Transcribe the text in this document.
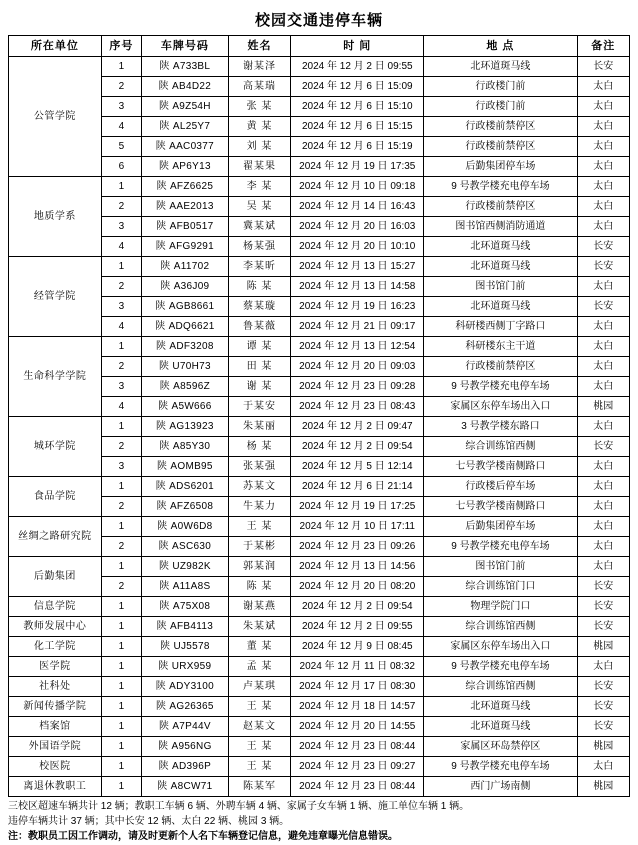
校园交通违停车辆
所在单位	序号	车牌号码	姓名	时 间	地 点	备注
公管学院	1	陕 A733BL	谢某泽	2024 年 12 月 2 日 09:55	北环道斑马线	长安
	2	陕 AB4D22	高某瑞	2024 年 12 月 6 日 15:09	行政楼门前	太白
	3	陕 A9Z54H	张 某	2024 年 12 月 6 日 15:10	行政楼门前	太白
	4	陕 AL25Y7	黄 某	2024 年 12 月 6 日 15:15	行政楼前禁停区	太白
	5	陕 AAC0377	刘 某	2024 年 12 月 6 日 15:19	行政楼前禁停区	太白
	6	陕 AP6Y13	翟某果	2024 年 12 月 19 日 17:35	后勤集团停车场	太白
地质学系	1	陕 AFZ6625	李 某	2024 年 12 月 10 日 09:18	9 号教学楼充电停车场	太白
	2	陕 AAE2013	吴 某	2024 年 12 月 14 日 16:43	行政楼前禁停区	太白
	3	陕 AFB0517	冀某斌	2024 年 12 月 20 日 16:03	图书馆西侧消防通道	太白
	4	陕 AFG9291	杨某强	2024 年 12 月 20 日 10:10	北环道斑马线	长安
经管学院	1	陕 A11702	李某昕	2024 年 12 月 13 日 15:27	北环道斑马线	长安
	2	陕 A36J09	陈 某	2024 年 12 月 13 日 14:58	图书馆门前	太白
	3	陕 AGB8661	蔡某璇	2024 年 12 月 19 日 16:23	北环道斑马线	长安
	4	陕 ADQ6621	鲁某薇	2024 年 12 月 21 日 09:17	科研楼西侧丁字路口	太白
生命科学学院	1	陕 ADF3208	谭 某	2024 年 12 月 13 日 12:54	科研楼东主干道	太白
	2	陕 U70H73	田 某	2024 年 12 月 20 日 09:03	行政楼前禁停区	太白
	3	陕 A8596Z	谢 某	2024 年 12 月 23 日 09:28	9 号教学楼充电停车场	太白
	4	陕 A5W666	于某安	2024 年 12 月 23 日 08:43	家属区东停车场出入口	桃园
城环学院	1	陕 AG13923	朱某丽	2024 年 12 月 2 日 09:47	3 号教学楼东路口	太白
	2	陕 A85Y30	杨 某	2024 年 12 月 2 日 09:54	综合训练馆西侧	长安
	3	陕 AOMB95	张某强	2024 年 12 月 5 日 12:14	七号教学楼南侧路口	太白
食品学院	1	陕 ADS6201	苏某文	2024 年 12 月 6 日 21:14	行政楼后停车场	太白
	2	陕 AFZ6508	牛某力	2024 年 12 月 19 日 17:25	七号教学楼南侧路口	太白
丝绸之路研究院	1	陕 A0W6D8	王 某	2024 年 12 月 10 日 17:11	后勤集团停车场	太白
	2	陕 ASC630	于某彬	2024 年 12 月 23 日 09:26	9 号教学楼充电停车场	太白
后勤集团	1	陕 UZ982K	郭某润	2024 年 12 月 13 日 14:56	图书馆门前	太白
	2	陕 A11A8S	陈 某	2024 年 12 月 20 日 08:20	综合训练馆门口	长安
信息学院	1	陕 A75X08	谢某燕	2024 年 12 月 2 日 09:54	物理学院门口	长安
教师发展中心	1	陕 AFB4113	朱某斌	2024 年 12 月 2 日 09:55	综合训练馆西侧	长安
化工学院	1	陕 UJ5578	董 某	2024 年 12 月 9 日 08:45	家属区东停车场出入口	桃园
医学院	1	陕 URX959	孟 某	2024 年 12 月 11 日 08:32	9 号教学楼充电停车场	太白
社科处	1	陕 ADY3100	卢某琪	2024 年 12 月 17 日 08:30	综合训练馆西侧	长安
新闻传播学院	1	陕 AG26365	王 某	2024 年 12 月 18 日 14:57	北环道斑马线	长安
档案馆	1	陕 A7P44V	赵某文	2024 年 12 月 20 日 14:55	北环道斑马线	长安
外国语学院	1	陕 A956NG	王 某	2024 年 12 月 23 日 08:44	家属区环岛禁停区	桃园
校医院	1	陕 AD396P	王 某	2024 年 12 月 23 日 09:27	9 号教学楼充电停车场	太白
离退休教职工	1	陕 A8CW71	陈某军	2024 年 12 月 23 日 08:44	西门广场南侧	桃园
三校区超速车辆共计 12 辆；教职工车辆 6 辆、外聘车辆 4 辆、家属子女车辆 1 辆、施工单位车辆 1 辆。
违停车辆共计 37 辆；其中长安 12 辆、太白 22 辆、桃园 3 辆。
注：教职员工因工作调动，请及时更新个人名下车辆登记信息，避免违章曝光信息错误。
